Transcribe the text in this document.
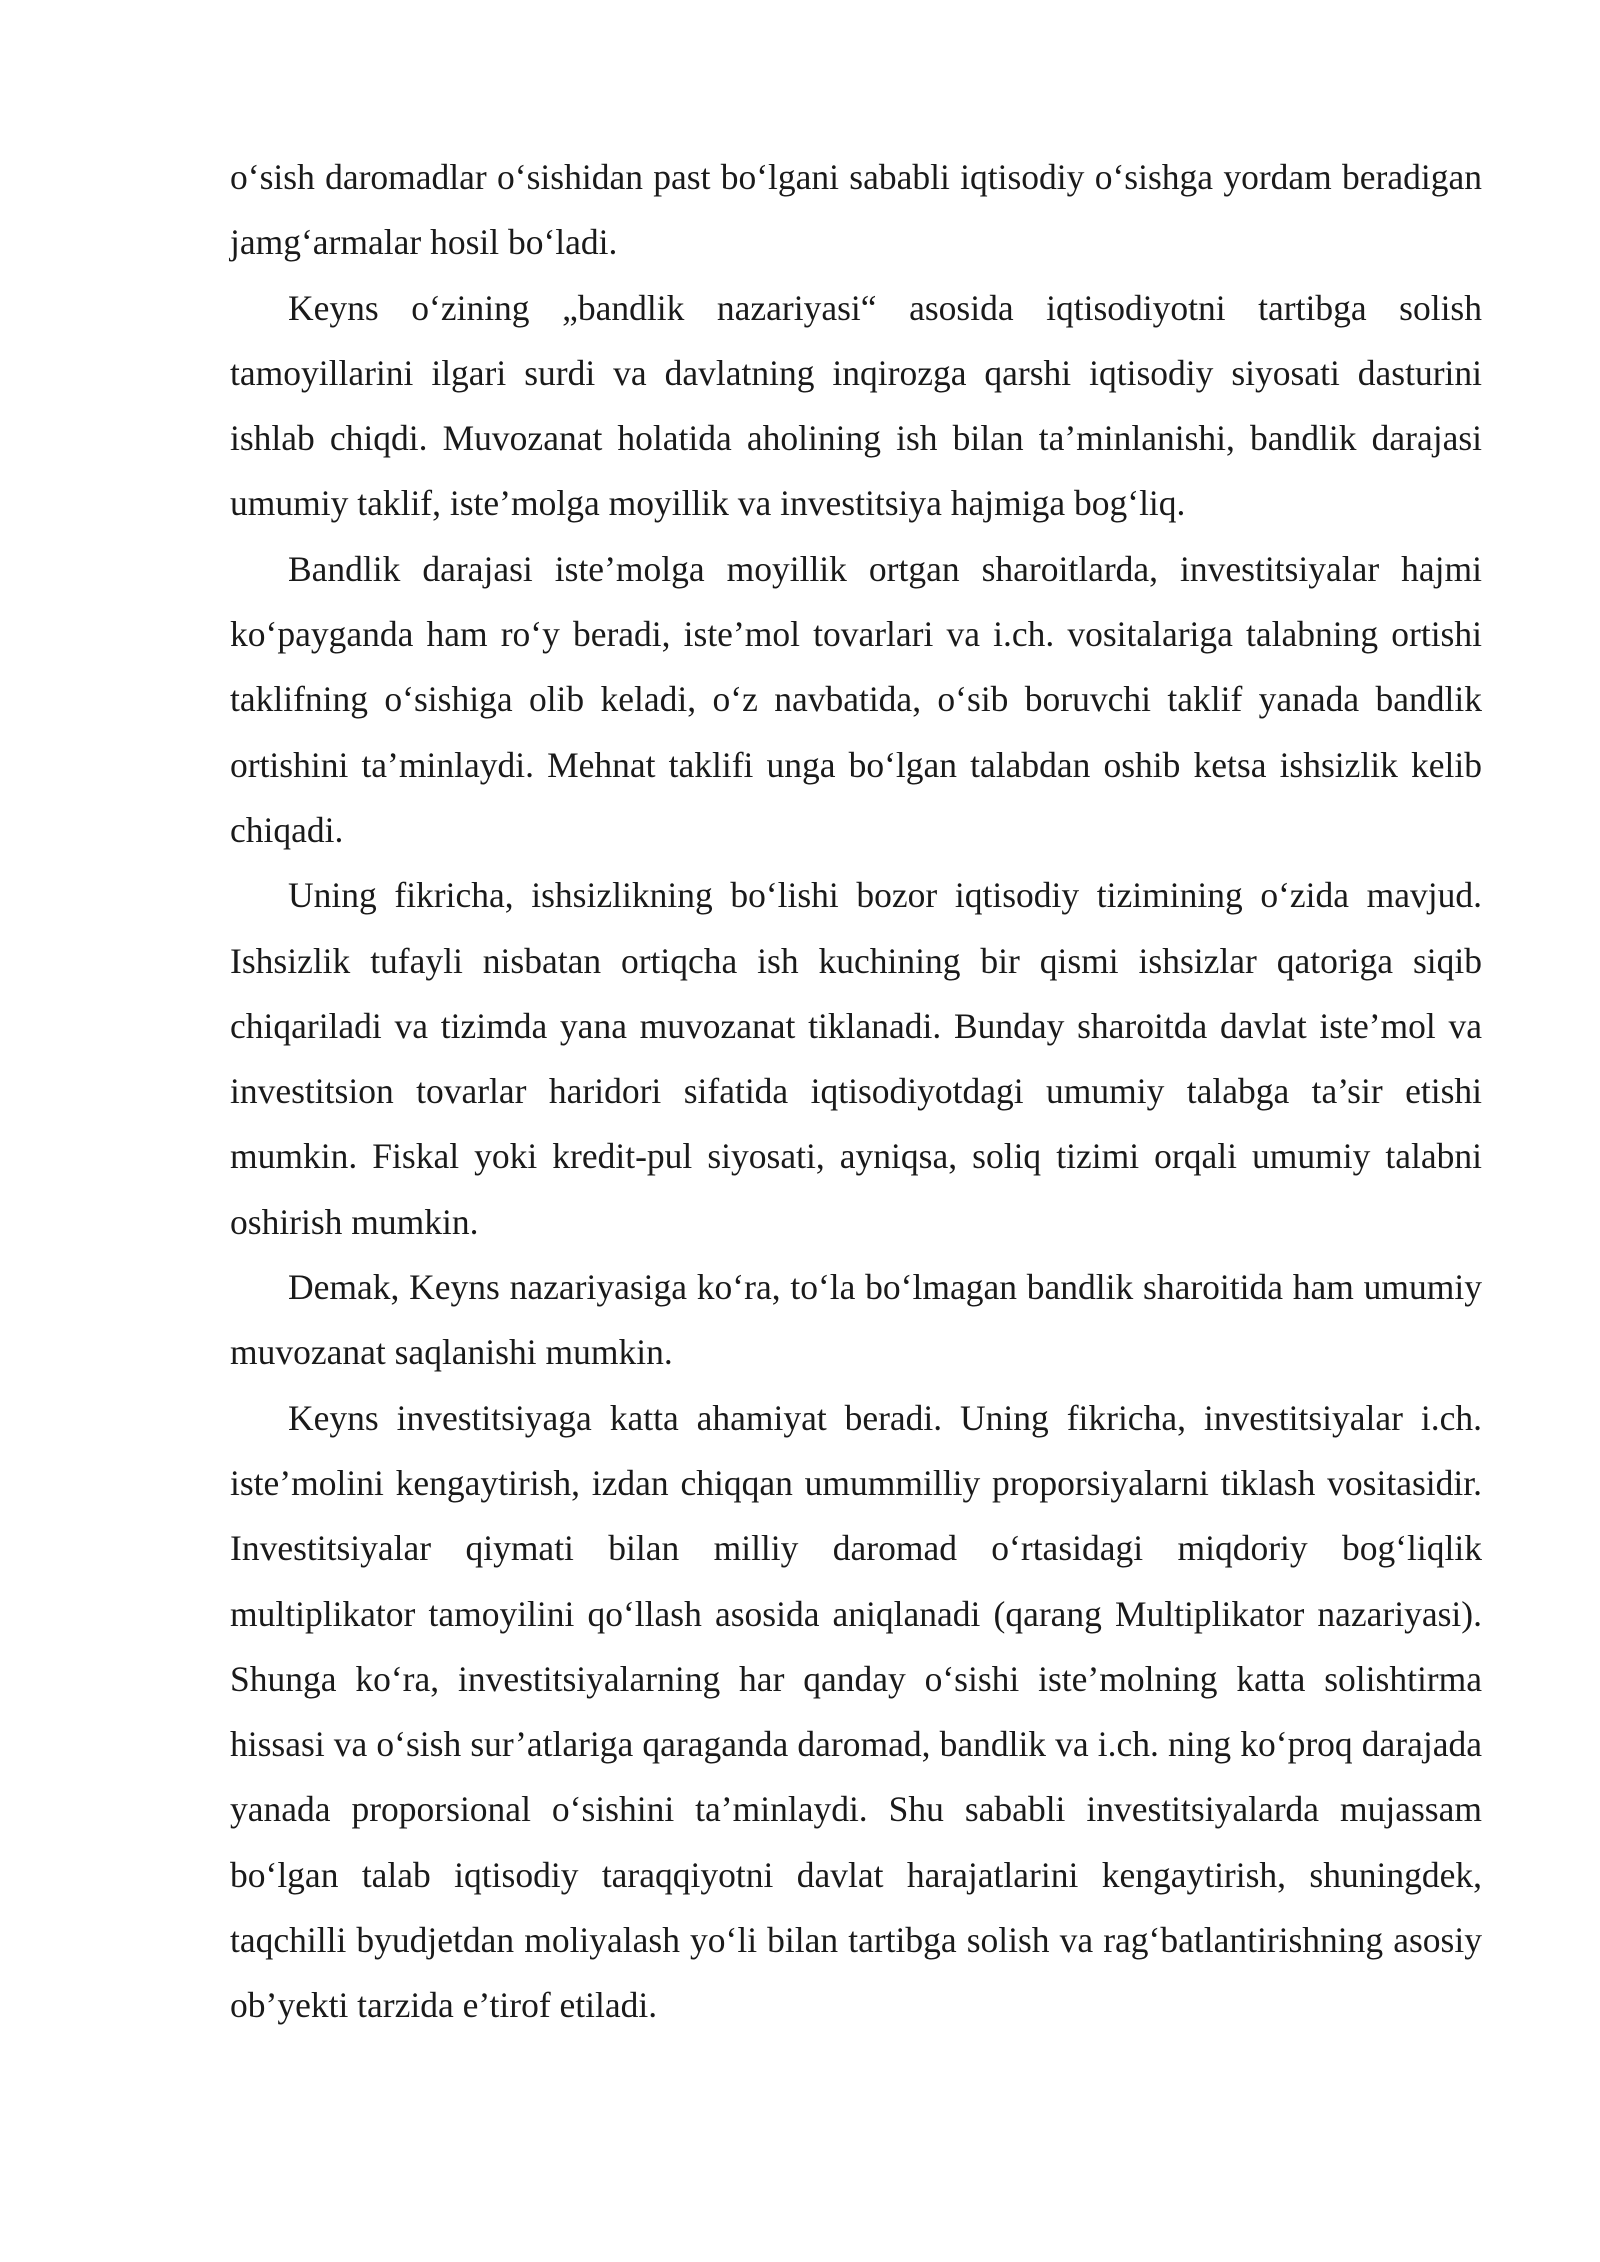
o‘sish daromadlar o‘sishidan past bo‘lgani sababli iqtisodiy o‘sishga yordam beradigan jamg‘armalar hosil bo‘ladi.

Keyns o‘zining „bandlik nazariyasi“ asosida iqtisodiyotni tartibga solish tamoyillarini ilgari surdi va davlatning inqirozga qarshi iqtisodiy siyosati dasturini ishlab chiqdi. Muvozanat holatida aholining ish bilan ta’minlanishi, bandlik darajasi umumiy taklif, iste’molga moyillik va investitsiya hajmiga bog‘liq.

Bandlik darajasi iste’molga moyillik ortgan sharoitlarda, investitsiyalar hajmi ko‘payganda ham ro‘y beradi, iste’mol tovarlari va i.ch. vositalariga talabning ortishi taklifning o‘sishiga olib keladi, o‘z navbatida, o‘sib boruvchi taklif yanada bandlik ortishini ta’minlaydi. Mehnat taklifi unga bo‘lgan talabdan oshib ketsa ishsizlik kelib chiqadi.

Uning fikricha, ishsizlikning bo‘lishi bozor iqtisodiy tizimining o‘zida mavjud. Ishsizlik tufayli nisbatan ortiqcha ish kuchining bir qismi ishsizlar qatoriga siqib chiqariladi va tizimda yana muvozanat tiklanadi. Bunday sharoitda davlat iste’mol va investitsion tovarlar haridori sifatida iqtisodiyotdagi umumiy talabga ta’sir etishi mumkin. Fiskal yoki kredit-pul siyosati, ayniqsa, soliq tizimi orqali umumiy talabni oshirish mumkin.

Demak, Keyns nazariyasiga ko‘ra, to‘la bo‘lmagan bandlik sharoitida ham umumiy muvozanat saqlanishi mumkin.

Keyns investitsiyaga katta ahamiyat beradi. Uning fikricha, investitsiyalar i.ch. iste’molini kengaytirish, izdan chiqqan umummilliy proporsiyalarni tiklash vositasidir. Investitsiyalar qiymati bilan milliy daromad o‘rtasidagi miqdoriy bog‘liqlik multiplikator tamoyilini qo‘llash asosida aniqlanadi (qarang Multiplikator nazariyasi). Shunga ko‘ra, investitsiyalarning har qanday o‘sishi iste’molning katta solishtirma hissasi va o‘sish sur’atlariga qaraganda daromad, bandlik va i.ch. ning ko‘proq darajada yanada proporsional o‘sishini ta’minlaydi. Shu sababli investitsiyalarda mujassam bo‘lgan talab iqtisodiy taraqqiyotni davlat harajatlarini kengaytirish, shuningdek, taqchilli byudjetdan moliyalash yo‘li bilan tartibga solish va rag‘batlantirishning asosiy ob’yekti tarzida e’tirof etiladi.
